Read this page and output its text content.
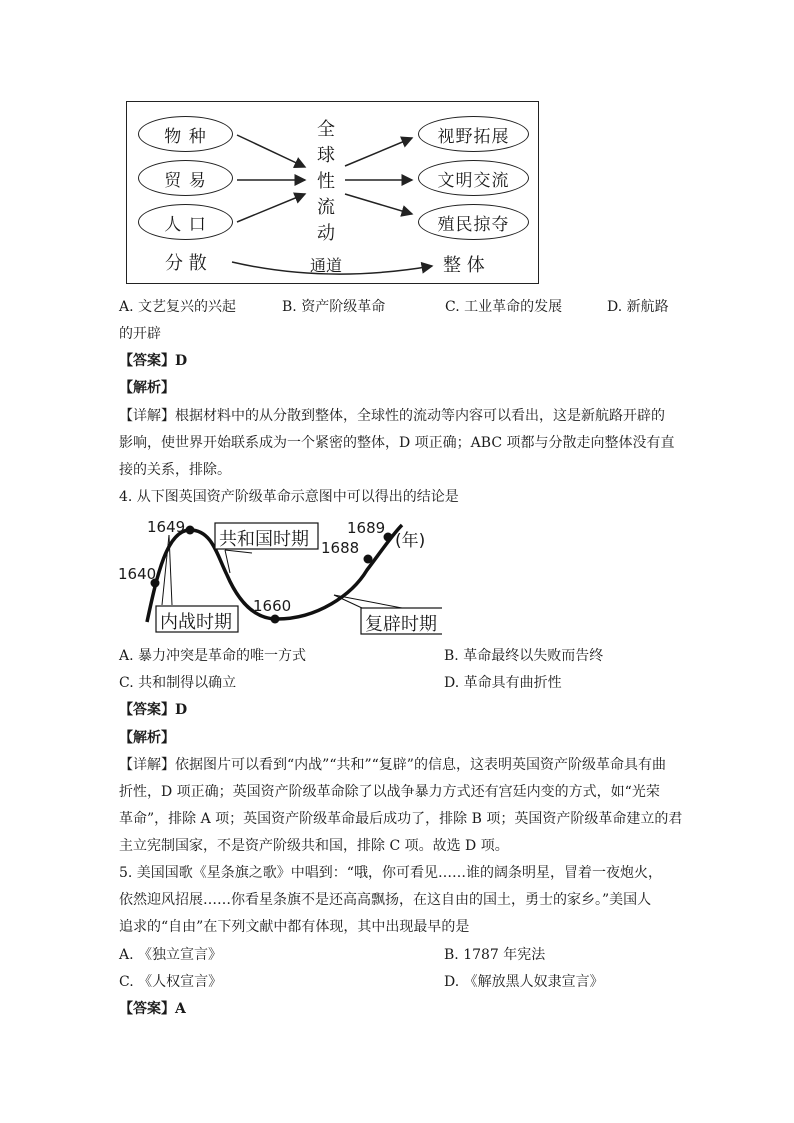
物 种
贸 易
人 口
全
球
性
流
动
视野拓展
文明交流
殖民掠夺
分 散	通道	整 体
A. 文艺复兴的兴起	B. 资产阶级革命	C. 工业革命的发展	D. 新航路
的开辟
【答案】D
【解析】
【详解】根据材料中的从分散到整体，全球性的流动等内容可以看出，这是新航路开辟的
影响，使世界开始联系成为一个紧密的整体，D 项正确；ABC 项都与分散走向整体没有直
接的关系，排除。
4. 从下图英国资产阶级革命示意图中可以得出的结论是
1640
1649
1660
1688
1689
(年)
共和国时期
内战时期	复辟时期
A. 暴力冲突是革命的唯一方式	B. 革命最终以失败而告终
C. 共和制得以确立	D. 革命具有曲折性
【答案】D
【解析】
【详解】依据图片可以看到“内战”“共和”“复辟”的信息，这表明英国资产阶级革命具有曲
折性，D 项正确；英国资产阶级革命除了以战争暴力方式还有宫廷内变的方式，如“光荣
革命”，排除 A 项；英国资产阶级革命最后成功了，排除 B 项；英国资产阶级革命建立的君
主立宪制国家，不是资产阶级共和国，排除 C 项。故选 D 项。
5. 美国国歌《星条旗之歌》中唱到：“哦，你可看见……谁的阔条明星，冒着一夜炮火，
依然迎风招展……你看星条旗不是还高高飘扬，在这自由的国土，勇士的家乡。”美国人
追求的“自由”在下列文献中都有体现，其中出现最早的是
A. 《独立宣言》	B. 1787 年宪法
C. 《人权宣言》	D. 《解放黑人奴隶宣言》
【答案】A
